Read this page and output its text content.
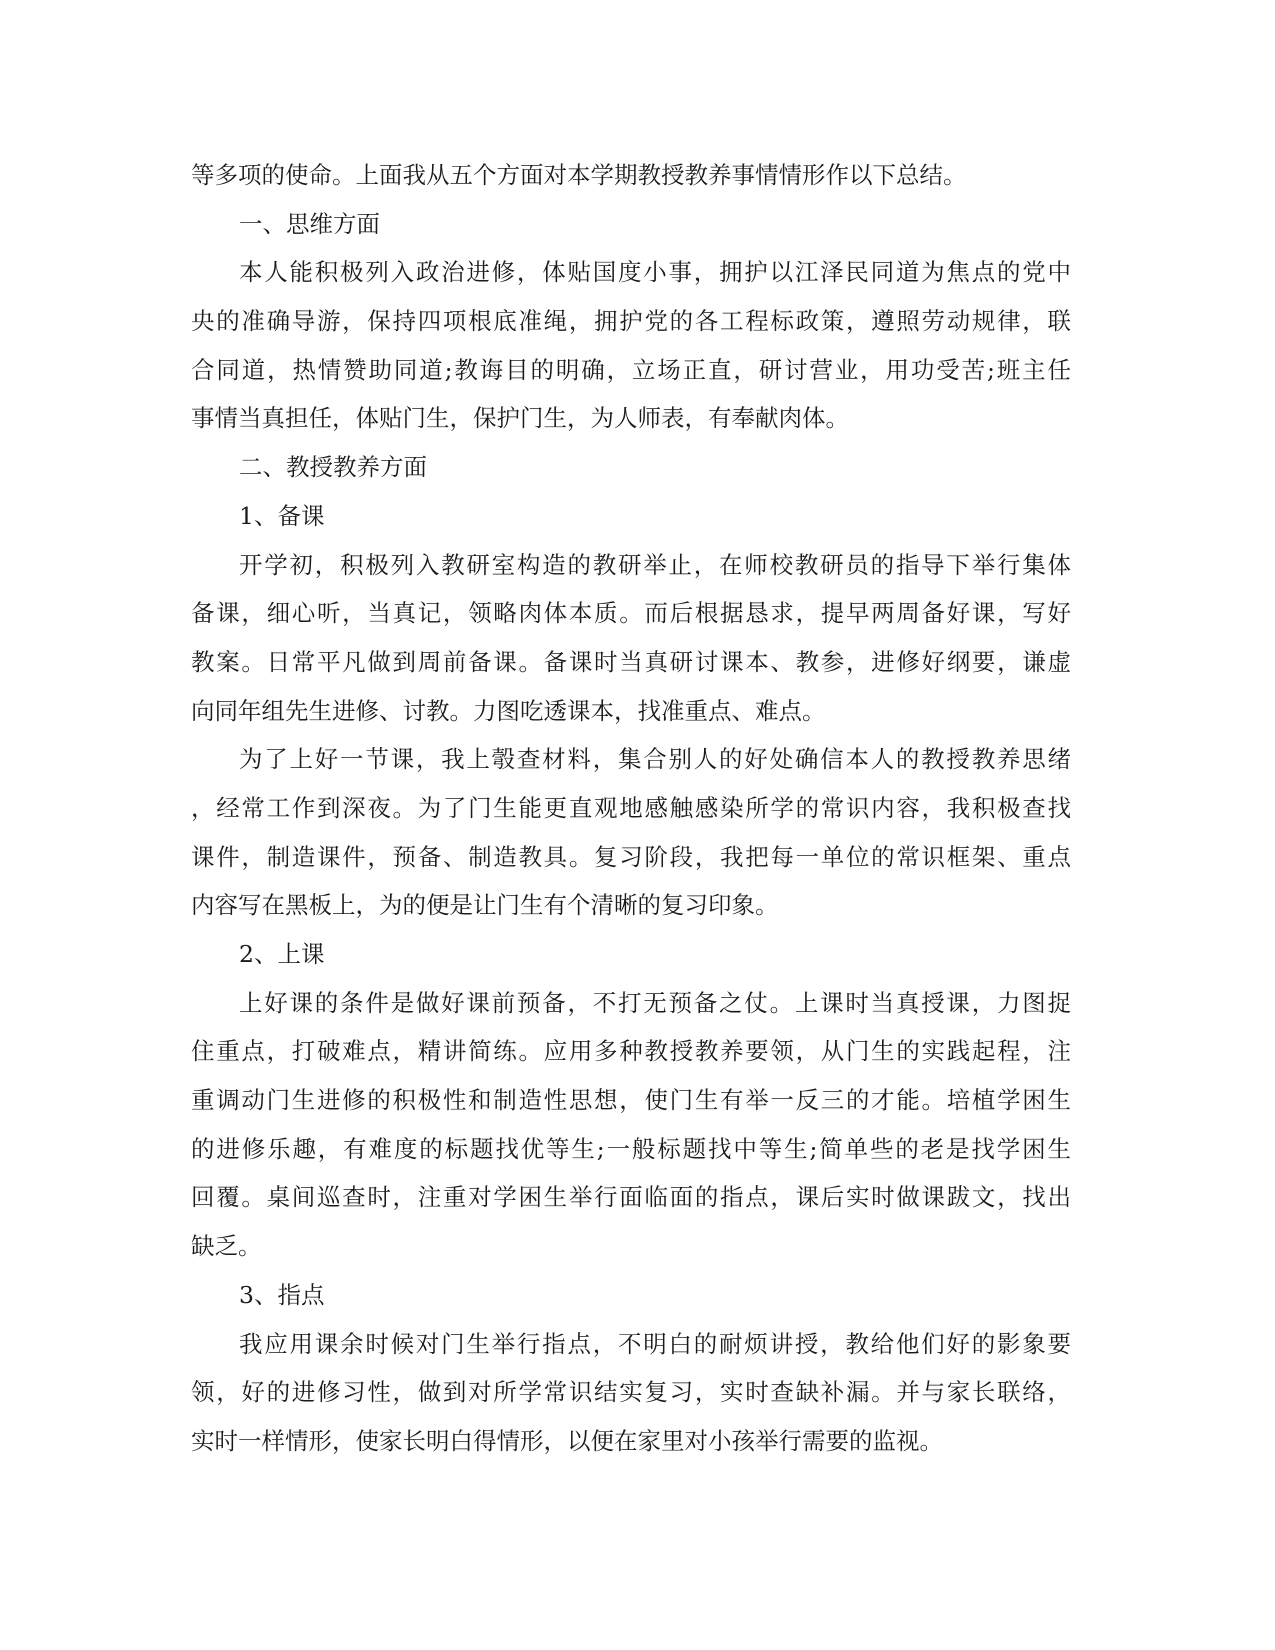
等多项的使命。上面我从五个方面对本学期教授教养事情情形作以下总结。
一、思维方面
本人能积极列入政治进修，体贴国度小事，拥护以江泽民同道为焦点的党中
央的准确导游，保持四项根底准绳，拥护党的各工程标政策，遵照劳动规律，联
合同道，热情赞助同道;教诲目的明确，立场正直，研讨营业，用功受苦;班主任
事情当真担任，体贴门生，保护门生，为人师表，有奉献肉体。
二、教授教养方面
1、备课
开学初，积极列入教研室构造的教研举止，在师校教研员的指导下举行集体
备课，细心听，当真记，领略肉体本质。而后根据恳求，提早两周备好课，写好
教案。日常平凡做到周前备课。备课时当真研讨课本、教参，进修好纲要，谦虚
向同年组先生进修、讨教。力图吃透课本，找准重点、难点。
为了上好一节课，我上彀查材料，集合别人的好处确信本人的教授教养思绪
，经常工作到深夜。为了门生能更直观地感触感染所学的常识内容，我积极查找
课件，制造课件，预备、制造教具。复习阶段，我把每一单位的常识框架、重点
内容写在黑板上，为的便是让门生有个清晰的复习印象。
2、上课
上好课的条件是做好课前预备，不打无预备之仗。上课时当真授课，力图捉
住重点，打破难点，精讲简练。应用多种教授教养要领，从门生的实践起程，注
重调动门生进修的积极性和制造性思想，使门生有举一反三的才能。培植学困生
的进修乐趣，有难度的标题找优等生;一般标题找中等生;简单些的老是找学困生
回覆。桌间巡查时，注重对学困生举行面临面的指点，课后实时做课跋文，找出
缺乏。
3、指点
我应用课余时候对门生举行指点，不明白的耐烦讲授，教给他们好的影象要
领，好的进修习性，做到对所学常识结实复习，实时查缺补漏。并与家长联络，
实时一样情形，使家长明白得情形，以便在家里对小孩举行需要的监视。
